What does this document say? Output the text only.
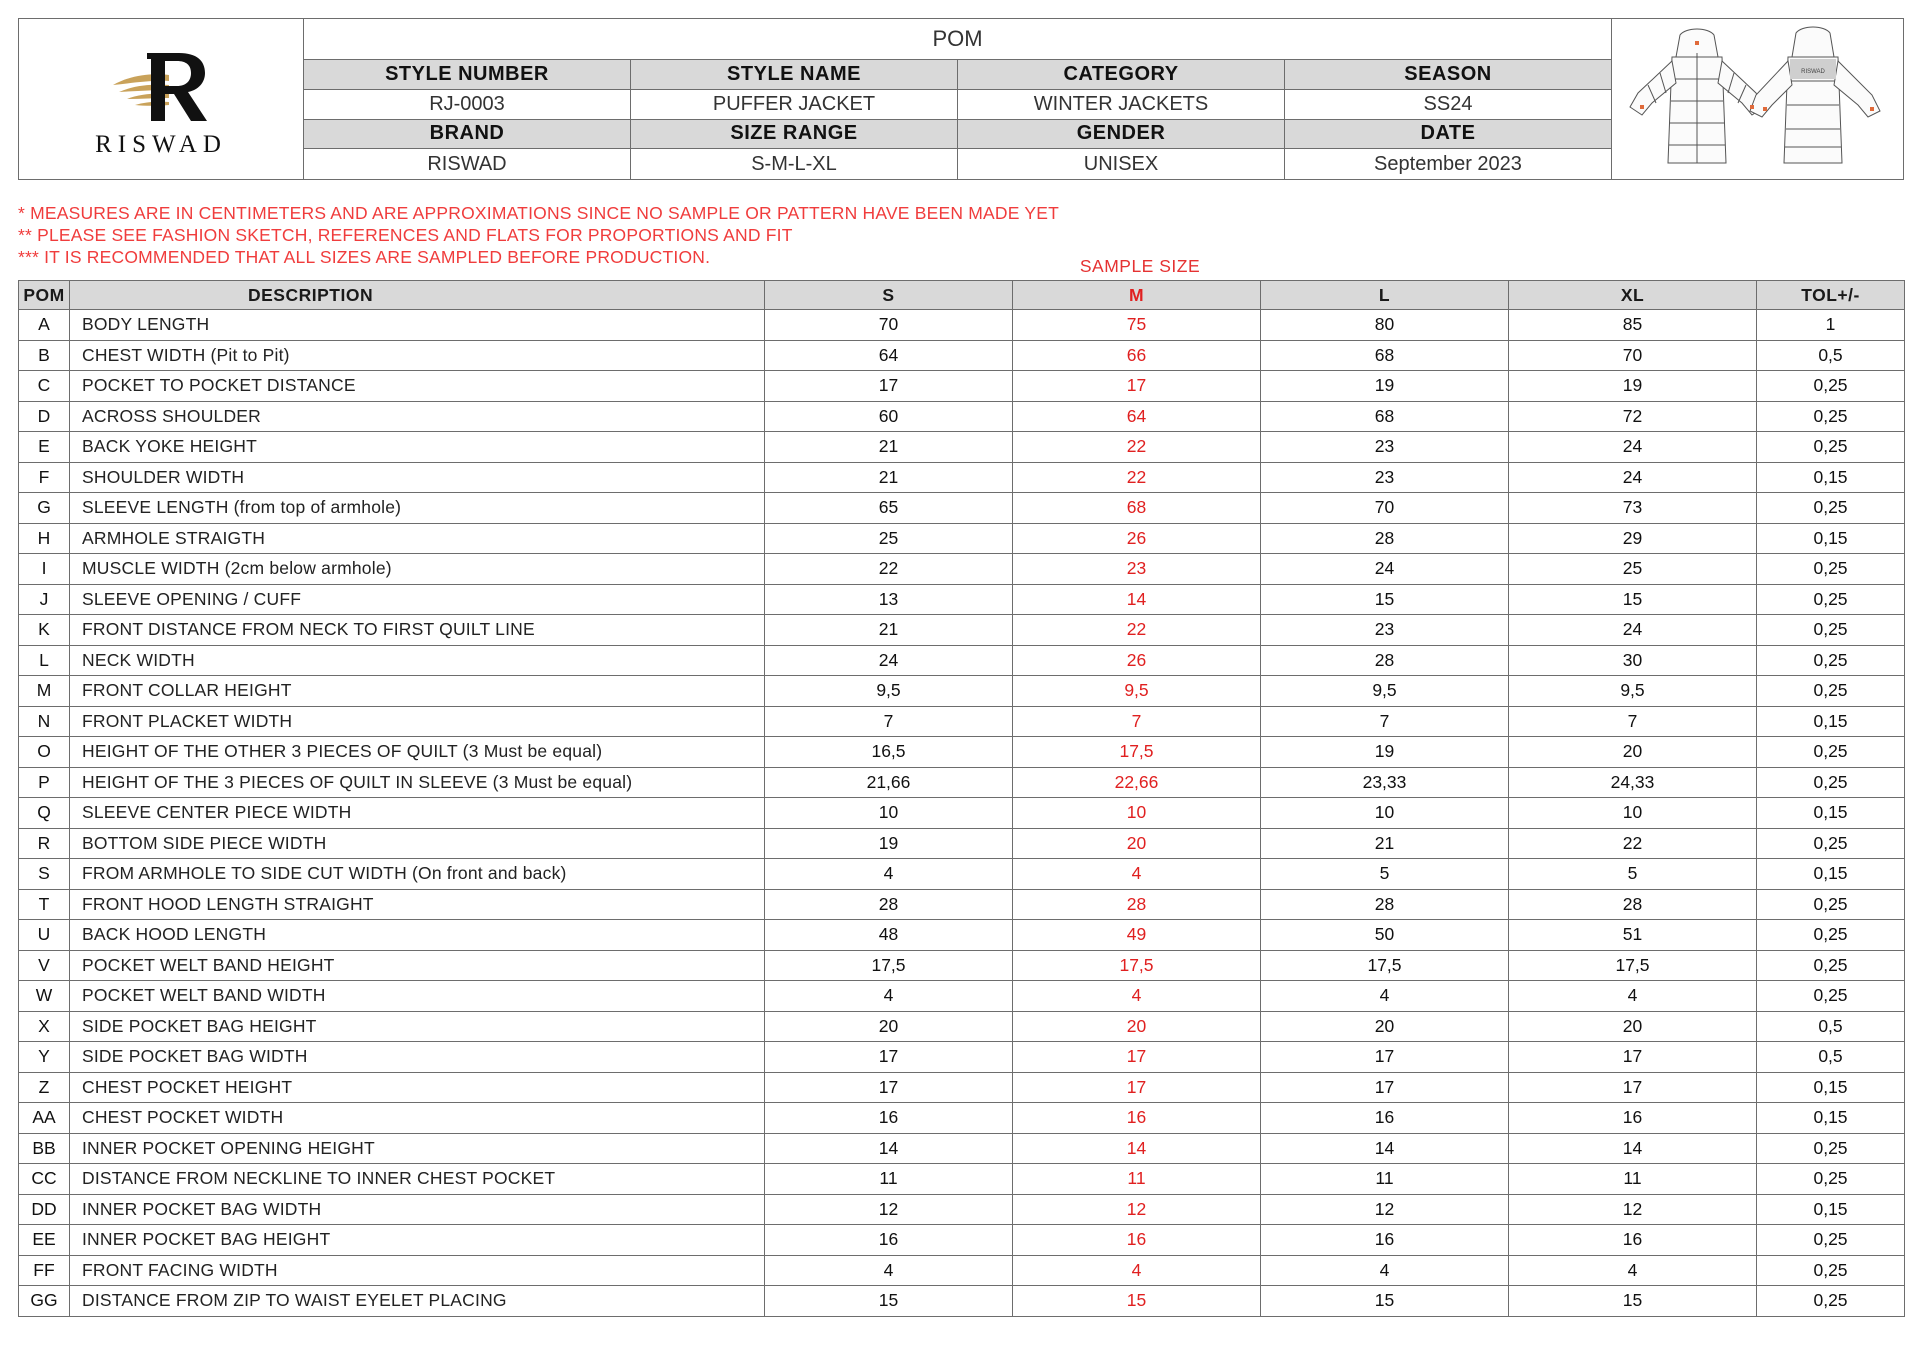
RISWAD
POM
STYLE NUMBER	STYLE NAME	CATEGORY	SEASON
RJ-0003	PUFFER JACKET	WINTER JACKETS	SS24
BRAND	SIZE RANGE	GENDER	DATE
RISWAD	S-M-L-XL	UNISEX	September 2023
RISWAD
* MEASURES ARE IN CENTIMETERS AND ARE APPROXIMATIONS SINCE NO SAMPLE OR PATTERN HAVE BEEN MADE YET
** PLEASE SEE FASHION SKETCH, REFERENCES AND FLATS FOR PROPORTIONS AND FIT
*** IT IS RECOMMENDED THAT ALL SIZES ARE SAMPLED BEFORE PRODUCTION.	SAMPLE SIZE
POM	DESCRIPTION	S	M	L	XL	TOL+/-
A	BODY LENGTH	70	75	80	85	1
B	CHEST WIDTH (Pit to Pit)	64	66	68	70	0,5
C	POCKET TO POCKET DISTANCE	17	17	19	19	0,25
D	ACROSS SHOULDER	60	64	68	72	0,25
E	BACK YOKE HEIGHT	21	22	23	24	0,25
F	SHOULDER WIDTH	21	22	23	24	0,15
G	SLEEVE LENGTH (from top of armhole)	65	68	70	73	0,25
H	ARMHOLE STRAIGTH	25	26	28	29	0,15
I	MUSCLE WIDTH (2cm below armhole)	22	23	24	25	0,25
J	SLEEVE OPENING / CUFF	13	14	15	15	0,25
K	FRONT DISTANCE FROM NECK TO FIRST QUILT LINE	21	22	23	24	0,25
L	NECK WIDTH	24	26	28	30	0,25
M	FRONT COLLAR HEIGHT	9,5	9,5	9,5	9,5	0,25
N	FRONT PLACKET WIDTH	7	7	7	7	0,15
O	HEIGHT OF THE OTHER 3 PIECES OF QUILT (3 Must be equal)	16,5	17,5	19	20	0,25
P	HEIGHT OF THE 3 PIECES OF QUILT IN SLEEVE (3 Must be equal)	21,66	22,66	23,33	24,33	0,25
Q	SLEEVE CENTER PIECE WIDTH	10	10	10	10	0,15
R	BOTTOM SIDE PIECE WIDTH	19	20	21	22	0,25
S	FROM ARMHOLE TO SIDE CUT WIDTH (On front and back)	4	4	5	5	0,15
T	FRONT HOOD LENGTH STRAIGHT	28	28	28	28	0,25
U	BACK HOOD LENGTH	48	49	50	51	0,25
V	POCKET WELT BAND HEIGHT	17,5	17,5	17,5	17,5	0,25
W	POCKET WELT BAND WIDTH	4	4	4	4	0,25
X	SIDE POCKET BAG HEIGHT	20	20	20	20	0,5
Y	SIDE POCKET BAG WIDTH	17	17	17	17	0,5
Z	CHEST POCKET HEIGHT	17	17	17	17	0,15
AA	CHEST POCKET WIDTH	16	16	16	16	0,15
BB	INNER POCKET OPENING HEIGHT	14	14	14	14	0,25
CC	DISTANCE FROM NECKLINE TO INNER CHEST POCKET	11	11	11	11	0,25
DD	INNER POCKET BAG WIDTH	12	12	12	12	0,15
EE	INNER POCKET BAG HEIGHT	16	16	16	16	0,25
FF	FRONT FACING WIDTH	4	4	4	4	0,25
GG	DISTANCE FROM ZIP TO WAIST EYELET PLACING	15	15	15	15	0,25
